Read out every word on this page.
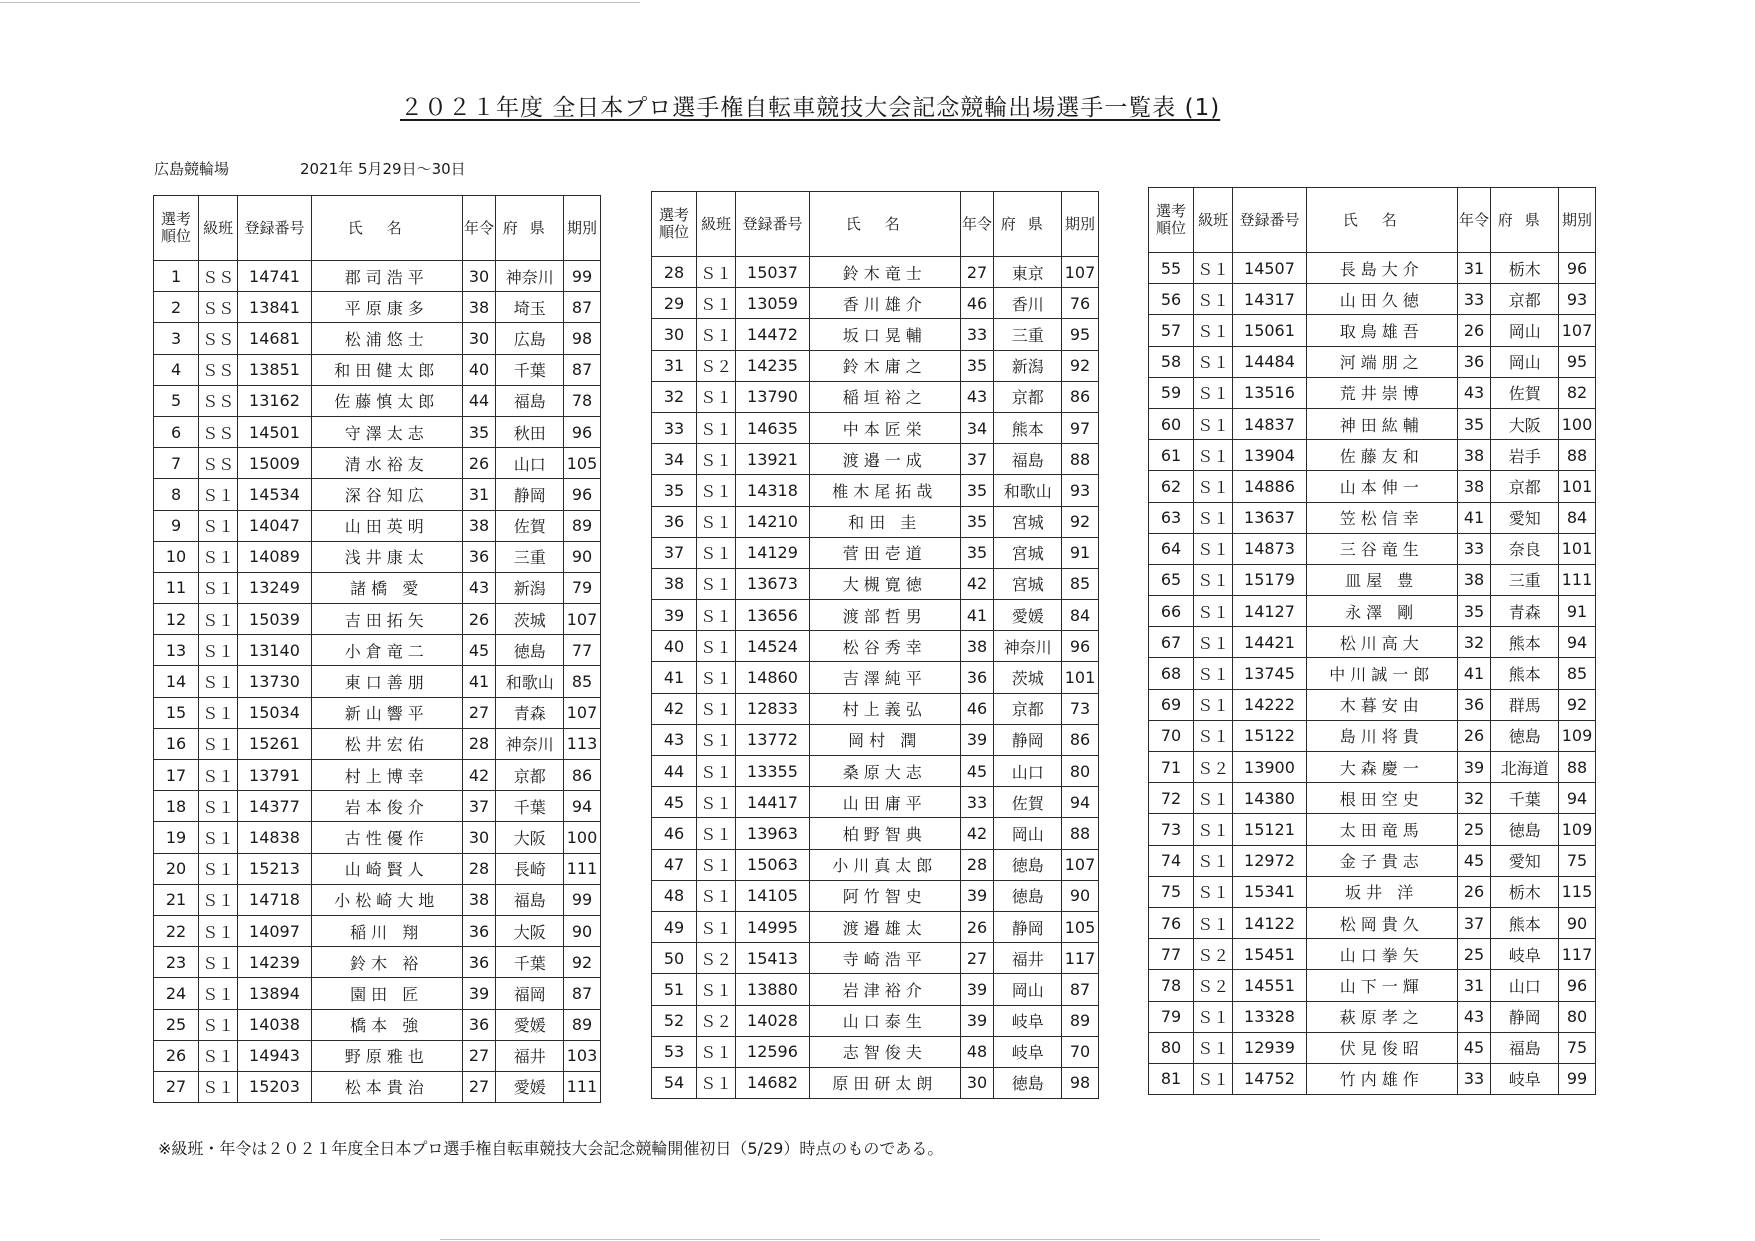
２０２１年度 全日本プロ選手権自転車競技大会記念競輪出場選手一覧表 (1)
広島競輪場	2021年 5月29日～30日
選考順位	級班	登録番号	氏名	年令	府県	期別
1	ＳＳ	14741	郡司浩平	30	神奈川	99
2	ＳＳ	13841	平原康多	38	埼玉	87
3	ＳＳ	14681	松浦悠士	30	広島	98
4	ＳＳ	13851	和田健太郎	40	千葉	87
5	ＳＳ	13162	佐藤慎太郎	44	福島	78
6	ＳＳ	14501	守澤太志	35	秋田	96
7	ＳＳ	15009	清水裕友	26	山口	105
8	Ｓ１	14534	深谷知広	31	静岡	96
9	Ｓ１	14047	山田英明	38	佐賀	89
10	Ｓ１	14089	浅井康太	36	三重	90
11	Ｓ１	13249	諸橋 愛	43	新潟	79
12	Ｓ１	15039	吉田拓矢	26	茨城	107
13	Ｓ１	13140	小倉竜二	45	徳島	77
14	Ｓ１	13730	東口善朋	41	和歌山	85
15	Ｓ１	15034	新山響平	27	青森	107
16	Ｓ１	15261	松井宏佑	28	神奈川	113
17	Ｓ１	13791	村上博幸	42	京都	86
18	Ｓ１	14377	岩本俊介	37	千葉	94
19	Ｓ１	14838	古性優作	30	大阪	100
20	Ｓ１	15213	山崎賢人	28	長崎	111
21	Ｓ１	14718	小松崎大地	38	福島	99
22	Ｓ１	14097	稲川 翔	36	大阪	90
23	Ｓ１	14239	鈴木 裕	36	千葉	92
24	Ｓ１	13894	園田 匠	39	福岡	87
25	Ｓ１	14038	橋本 強	36	愛媛	89
26	Ｓ１	14943	野原雅也	27	福井	103
27	Ｓ１	15203	松本貴治	27	愛媛	111
選考順位	級班	登録番号	氏名	年令	府県	期別
28	Ｓ１	15037	鈴木竜士	27	東京	107
29	Ｓ１	13059	香川雄介	46	香川	76
30	Ｓ１	14472	坂口晃輔	33	三重	95
31	Ｓ２	14235	鈴木庸之	35	新潟	92
32	Ｓ１	13790	稲垣裕之	43	京都	86
33	Ｓ１	14635	中本匠栄	34	熊本	97
34	Ｓ１	13921	渡邉一成	37	福島	88
35	Ｓ１	14318	椎木尾拓哉	35	和歌山	93
36	Ｓ１	14210	和田 圭	35	宮城	92
37	Ｓ１	14129	菅田壱道	35	宮城	91
38	Ｓ１	13673	大槻寛徳	42	宮城	85
39	Ｓ１	13656	渡部哲男	41	愛媛	84
40	Ｓ１	14524	松谷秀幸	38	神奈川	96
41	Ｓ１	14860	吉澤純平	36	茨城	101
42	Ｓ１	12833	村上義弘	46	京都	73
43	Ｓ１	13772	岡村 潤	39	静岡	86
44	Ｓ１	13355	桑原大志	45	山口	80
45	Ｓ１	14417	山田庸平	33	佐賀	94
46	Ｓ１	13963	柏野智典	42	岡山	88
47	Ｓ１	15063	小川真太郎	28	徳島	107
48	Ｓ１	14105	阿竹智史	39	徳島	90
49	Ｓ１	14995	渡邉雄太	26	静岡	105
50	Ｓ２	15413	寺崎浩平	27	福井	117
51	Ｓ１	13880	岩津裕介	39	岡山	87
52	Ｓ２	14028	山口泰生	39	岐阜	89
53	Ｓ１	12596	志智俊夫	48	岐阜	70
54	Ｓ１	14682	原田研太朗	30	徳島	98
選考順位	級班	登録番号	氏名	年令	府県	期別
55	Ｓ１	14507	長島大介	31	栃木	96
56	Ｓ１	14317	山田久徳	33	京都	93
57	Ｓ１	15061	取鳥雄吾	26	岡山	107
58	Ｓ１	14484	河端朋之	36	岡山	95
59	Ｓ１	13516	荒井崇博	43	佐賀	82
60	Ｓ１	14837	神田紘輔	35	大阪	100
61	Ｓ１	13904	佐藤友和	38	岩手	88
62	Ｓ１	14886	山本伸一	38	京都	101
63	Ｓ１	13637	笠松信幸	41	愛知	84
64	Ｓ１	14873	三谷竜生	33	奈良	101
65	Ｓ１	15179	皿屋 豊	38	三重	111
66	Ｓ１	14127	永澤 剛	35	青森	91
67	Ｓ１	14421	松川高大	32	熊本	94
68	Ｓ１	13745	中川誠一郎	41	熊本	85
69	Ｓ１	14222	木暮安由	36	群馬	92
70	Ｓ１	15122	島川将貴	26	徳島	109
71	Ｓ２	13900	大森慶一	39	北海道	88
72	Ｓ１	14380	根田空史	32	千葉	94
73	Ｓ１	15121	太田竜馬	25	徳島	109
74	Ｓ１	12972	金子貴志	45	愛知	75
75	Ｓ１	15341	坂井 洋	26	栃木	115
76	Ｓ１	14122	松岡貴久	37	熊本	90
77	Ｓ２	15451	山口拳矢	25	岐阜	117
78	Ｓ２	14551	山下一輝	31	山口	96
79	Ｓ１	13328	萩原孝之	43	静岡	80
80	Ｓ１	12939	伏見俊昭	45	福島	75
81	Ｓ１	14752	竹内雄作	33	岐阜	99
※級班・年令は２０２１年度全日本プロ選手権自転車競技大会記念競輪開催初日（5/29）時点のものである。
